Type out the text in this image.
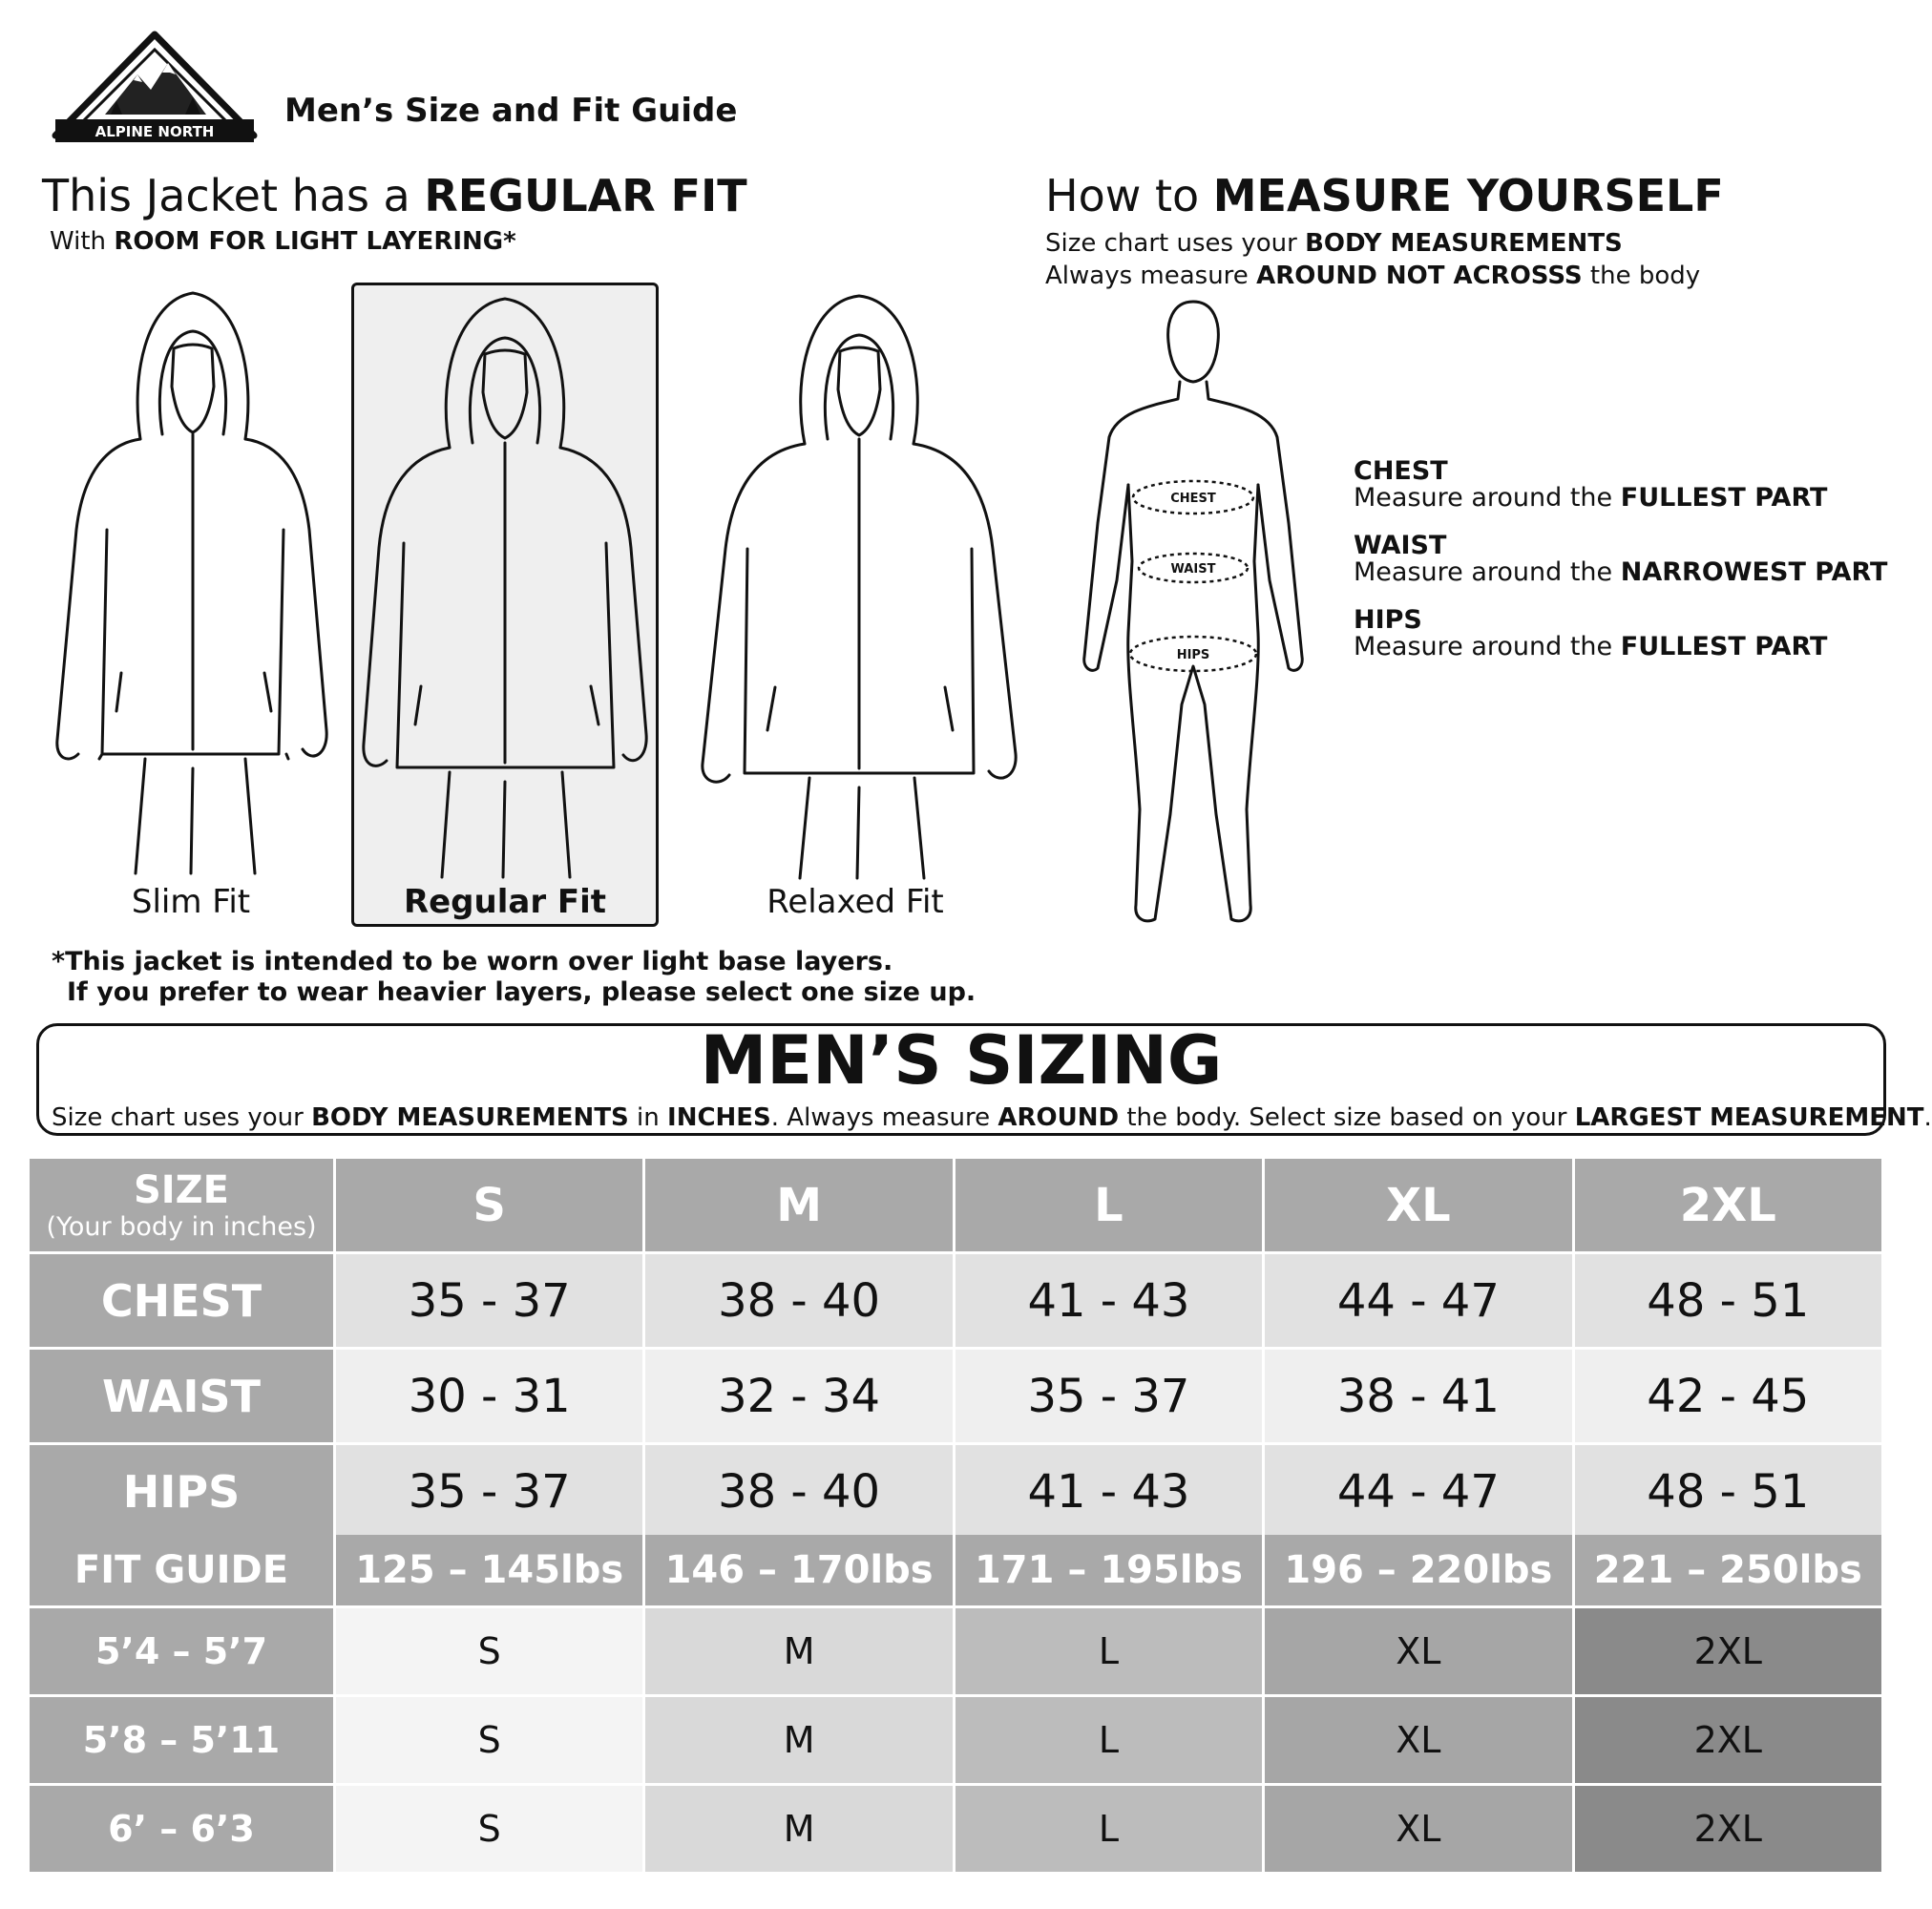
ALPINE NORTH
Men’s Size and Fit Guide
This Jacket has a REGULAR FIT
With ROOM FOR LIGHT LAYERING*
Slim Fit	Regular Fit	Relaxed Fit
How to MEASURE YOURSELF
Size chart uses your BODY MEASUREMENTS
Always measure AROUND NOT ACROSSS the body
CHEST
WAIST
HIPS
CHEST
Measure around the FULLEST PART
WAIST
Measure around the NARROWEST PART
HIPS
Measure around the FULLEST PART
*This jacket is intended to be worn over light base layers.
If you prefer to wear heavier layers, please select one size up.
MEN’S SIZING
Size chart uses your BODY MEASUREMENTS in INCHES. Always measure AROUND the body. Select size based on your LARGEST MEASUREMENT.
SIZE
(Your body in inches)	S	M	L	XL	2XL
CHEST	35 - 37	38 - 40	41 - 43	44 - 47	48 - 51
WAIST	30 - 31	32 - 34	35 - 37	38 - 41	42 - 45
HIPS	35 - 37	38 - 40	41 - 43	44 - 47	48 - 51
FIT GUIDE	125 – 145lbs	146 – 170lbs	171 – 195lbs	196 – 220lbs	221 – 250lbs
5’4 – 5’7	S	M	L	XL	2XL
5’8 – 5’11	S	M	L	XL	2XL
6’ – 6’3	S	M	L	XL	2XL
